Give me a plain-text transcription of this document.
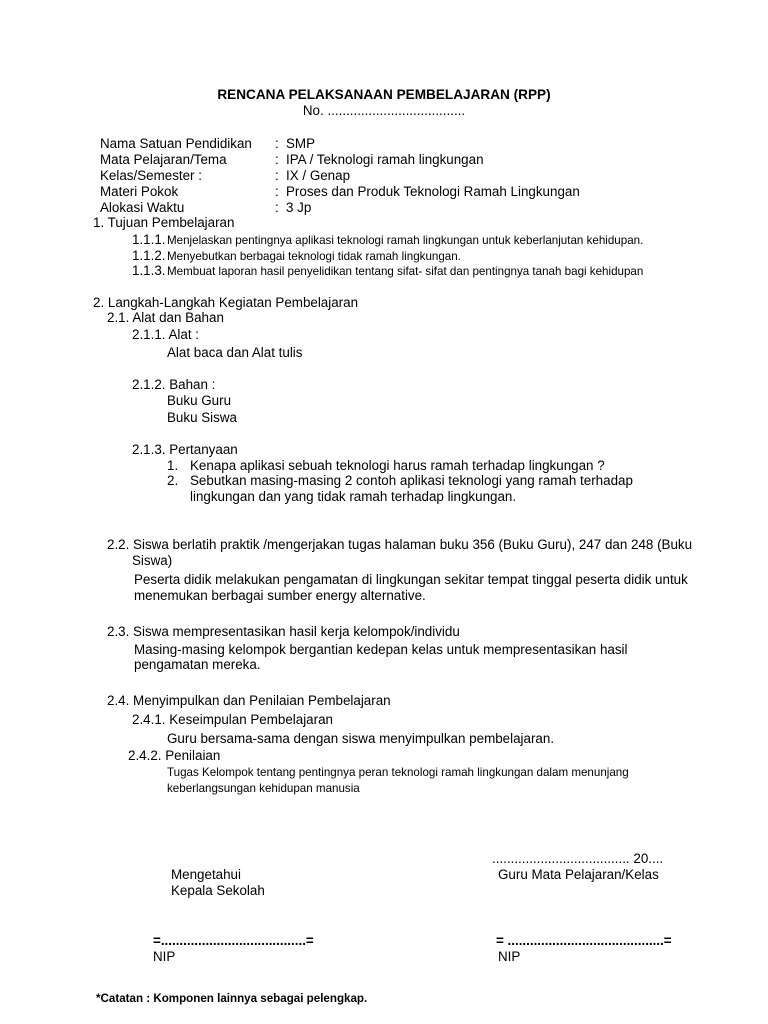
RENCANA PELAKSANAAN PEMBELAJARAN (RPP)
No. .....................................
Nama Satuan Pendidikan : SMP
Mata Pelajaran/Tema	: IPA / Teknologi ramah lingkungan
Kelas/Semester :	: IX / Genap
Materi Pokok	: Proses dan Produk Teknologi Ramah Lingkungan
Alokasi Waktu	: 3 Jp
1. Tujuan Pembelajaran
1.1.1. Menjelaskan pentingnya aplikasi teknologi ramah lingkungan untuk keberlanjutan kehidupan.
1.1.2. Menyebutkan berbagai teknologi tidak ramah lingkungan.
1.1.3. Membuat laporan hasil penyelidikan tentang sifat- sifat dan pentingnya tanah bagi kehidupan
2. Langkah-Langkah Kegiatan Pembelajaran
2.1. Alat dan Bahan
2.1.1. Alat :
Alat baca dan Alat tulis
2.1.2. Bahan :
Buku Guru
Buku Siswa
2.1.3. Pertanyaan
1. Kenapa aplikasi sebuah teknologi harus ramah terhadap lingkungan ?
2. Sebutkan masing-masing 2 contoh aplikasi teknologi yang ramah terhadap
lingkungan dan yang tidak ramah terhadap lingkungan.
2.2. Siswa berlatih praktik /mengerjakan tugas halaman buku 356 (Buku Guru), 247 dan 248 (Buku
Siswa)
Peserta didik melakukan pengamatan di lingkungan sekitar tempat tinggal peserta didik untuk
menemukan berbagai sumber energy alternative.
2.3. Siswa mempresentasikan hasil kerja kelompok/individu
Masing-masing kelompok bergantian kedepan kelas untuk mempresentasikan hasil
pengamatan mereka.
2.4. Menyimpulkan dan Penilaian Pembelajaran
2.4.1. Keseimpulan Pembelajaran
Guru bersama-sama dengan siswa menyimpulkan pembelajaran.
2.4.2. Penilaian
Tugas Kelompok tentang pentingnya peran teknologi ramah lingkungan dalam menunjang
keberlangsungan kehidupan manusia
..................................... 20....
Mengetahui
Kepala Sekolah
Guru Mata Pelajaran/Kelas
=.......................................=	= ..........................................=
NIP	NIP
*Catatan : Komponen lainnya sebagai pelengkap.
